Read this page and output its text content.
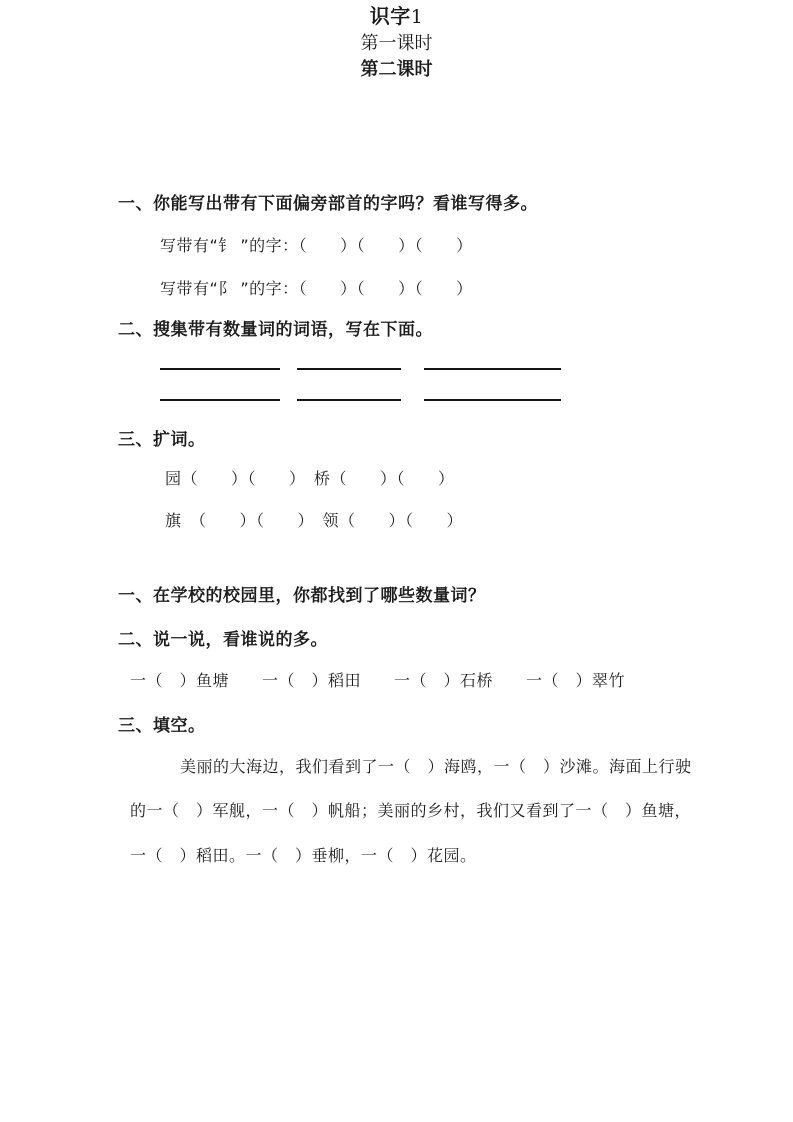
识字1
第一课时
一、你能写出带有下面偏旁部首的字吗？看谁写得多。
写带有“钅 ”的字：（　　）（　　）（　　）
写带有“阝 ”的字：（　　）（　　）（　　）
二、搜集带有数量词的词语，写在下面。
三、扩词。
园（　　）（　　）　桥（　　）（　　）
旗　（　　）（　　）　领（　　）（　　）
第二课时
一、在学校的校园里，你都找到了哪些数量词？
二、说一说，看谁说的多。
一（　）鱼塘　　一（　）稻田　　一（　）石桥　　一（　）翠竹
三、填空。
美丽的大海边，我们看到了一（　）海鸥，一（　）沙滩。海面上行驶
的一（　）军舰，一（　）帆船；美丽的乡村，我们又看到了一（　）鱼塘，
一（　）稻田。一（　）垂柳，一（　）花园。
